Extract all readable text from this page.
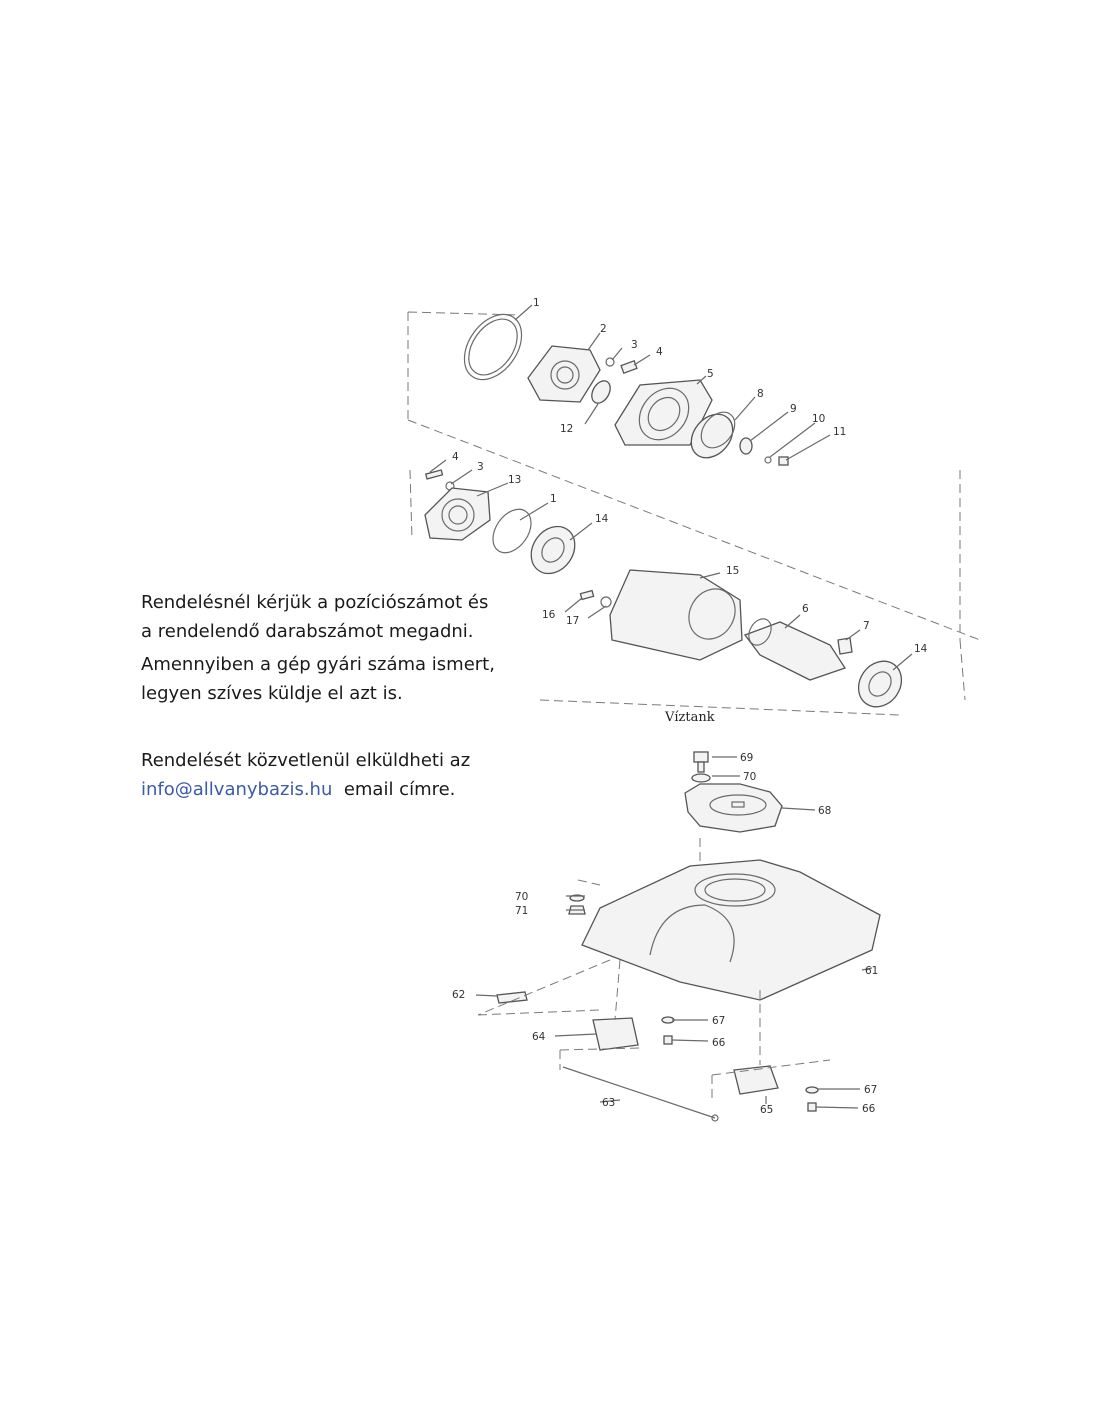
1
2
3
4
5
8
9
10
11
12
4
3
13
1
14
15
16 17
6
7
14
69
70
68
70
71
61
62
67
64	66
67
63
65	66

Rendelésnél kérjük a pozíciószámot és

a rendelendő darabszámot megadni.

Amennyiben a gép gyári száma ismert,

legyen szíves küldje el azt is.

Rendelését közvetlenül elküldheti az

info@allvanybazis.hu email címre.

Víztank
